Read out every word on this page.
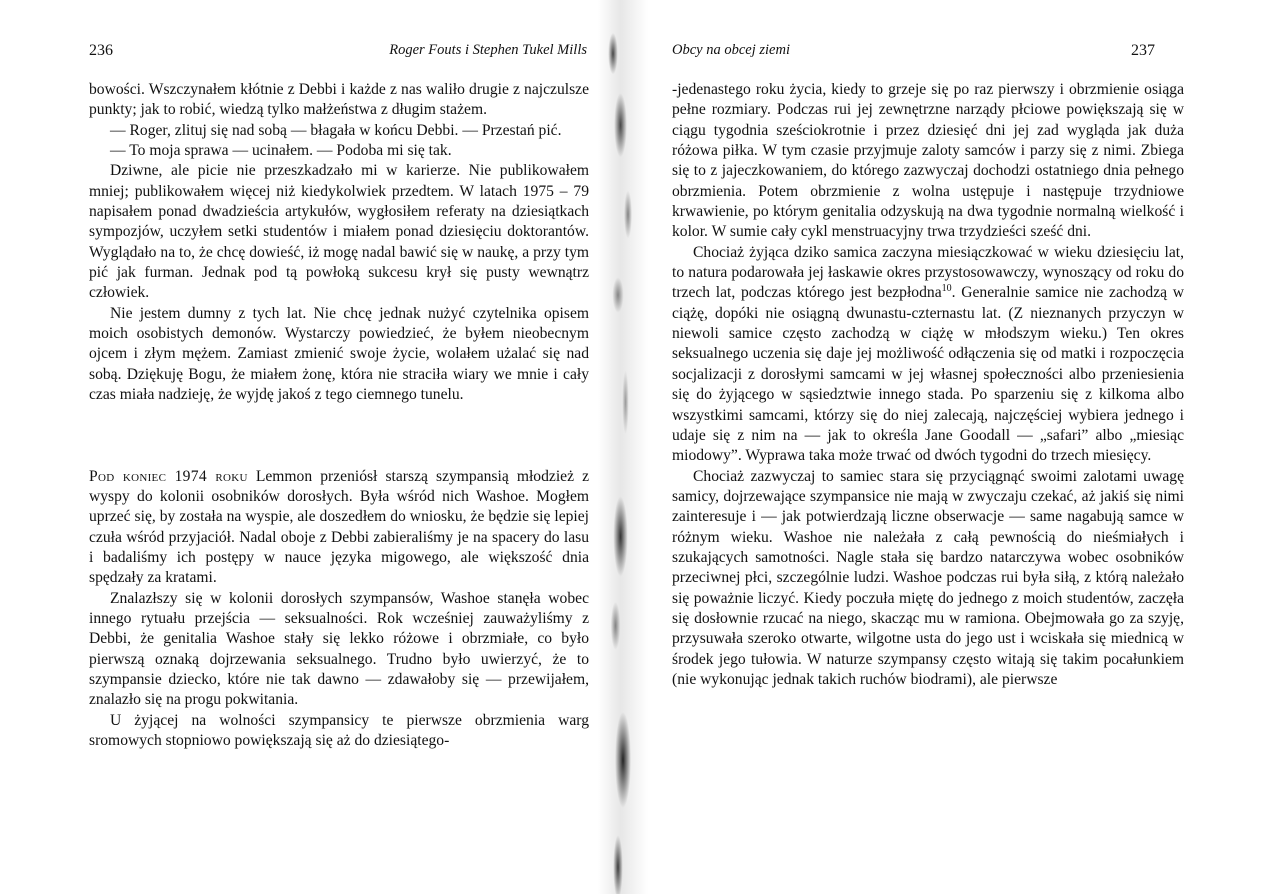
236	Roger Fouts i Stephen Tukel Mills

bowości. Wszczynałem kłótnie z Debbi i każde z nas waliło drugie z najczulsze punkty; jak to robić, wiedzą tylko małżeństwa z długim stażem.

— Roger, zlituj się nad sobą — błagała w końcu Debbi. — Przestań pić.

— To moja sprawa — ucinałem. — Podoba mi się tak.

Dziwne, ale picie nie przeszkadzało mi w karierze. Nie publikowałem mniej; publikowałem więcej niż kiedykolwiek przedtem. W latach 1975 – 79 napisałem ponad dwadzieścia artykułów, wygłosiłem referaty na dziesiątkach sympozjów, uczyłem setki studentów i miałem ponad dziesięciu doktorantów. Wyglądało na to, że chcę dowieść, iż mogę nadal bawić się w naukę, a przy tym pić jak furman. Jednak pod tą powłoką sukcesu krył się pusty wewnątrz człowiek.

Nie jestem dumny z tych lat. Nie chcę jednak nużyć czytelnika opisem moich osobistych demonów. Wystarczy powiedzieć, że byłem nieobecnym ojcem i złym mężem. Zamiast zmienić swoje życie, wolałem użalać się nad sobą. Dziękuję Bogu, że miałem żonę, która nie straciła wiary we mnie i cały czas miała nadzieję, że wyjdę jakoś z tego ciemnego tunelu.

Pod koniec 1974 roku Lemmon przeniósł starszą szympansią młodzież z wyspy do kolonii osobników dorosłych. Była wśród nich Washoe. Mogłem uprzeć się, by została na wyspie, ale doszedłem do wniosku, że będzie się lepiej czuła wśród przyjaciół. Nadal oboje z Debbi zabieraliśmy je na spacery do lasu i badaliśmy ich postępy w nauce języka migowego, ale większość dnia spędzały za kratami.

Znalazłszy się w kolonii dorosłych szympansów, Washoe stanęła wobec innego rytuału przejścia — seksualności. Rok wcześniej zauważyliśmy z Debbi, że genitalia Washoe stały się lekko różowe i obrzmiałe, co było pierwszą oznaką dojrzewania seksualnego. Trudno było uwierzyć, że to szympansie dziecko, które nie tak dawno — zdawałoby się — przewijałem, znalazło się na progu pokwitania.

U żyjącej na wolności szympansicy te pierwsze obrzmienia warg sromowych stopniowo powiększają się aż do dziesiątego-

Obcy na obcej ziemi	237

-jedenastego roku życia, kiedy to grzeje się po raz pierwszy i obrzmienie osiąga pełne rozmiary. Podczas rui jej zewnętrzne narządy płciowe powiększają się w ciągu tygodnia sześciokrotnie i przez dziesięć dni jej zad wygląda jak duża różowa piłka. W tym czasie przyjmuje zaloty samców i parzy się z nimi. Zbiega się to z jajeczkowaniem, do którego zazwyczaj dochodzi ostatniego dnia pełnego obrzmienia. Potem obrzmienie z wolna ustępuje i następuje trzydniowe krwawienie, po którym genitalia odzyskują na dwa tygodnie normalną wielkość i kolor. W sumie cały cykl menstruacyjny trwa trzydzieści sześć dni.

Chociaż żyjąca dziko samica zaczyna miesiączkować w wieku dziesięciu lat, to natura podarowała jej łaskawie okres przystosowawczy, wynoszący od roku do trzech lat, podczas którego jest bezpłodna$^{10}$. Generalnie samice nie zachodzą w ciążę, dopóki nie osiągną dwunastu-czternastu lat. (Z nieznanych przyczyn w niewoli samice często zachodzą w ciążę w młodszym wieku.) Ten okres seksualnego uczenia się daje jej możliwość odłączenia się od matki i rozpoczęcia socjalizacji z dorosłymi samcami w jej własnej społeczności albo przeniesienia się do żyjącego w sąsiedztwie innego stada. Po sparzeniu się z kilkoma albo wszystkimi samcami, którzy się do niej zalecają, najczęściej wybiera jednego i udaje się z nim na — jak to określa Jane Goodall — „safari” albo „miesiąc miodowy”. Wyprawa taka może trwać od dwóch tygodni do trzech miesięcy.

Chociaż zazwyczaj to samiec stara się przyciągnąć swoimi zalotami uwagę samicy, dojrzewające szympansice nie mają w zwyczaju czekać, aż jakiś się nimi zainteresuje i — jak potwierdzają liczne obserwacje — same nagabują samce w różnym wieku. Washoe nie należała z całą pewnością do nieśmiałych i szukających samotności. Nagle stała się bardzo natarczywa wobec osobników przeciwnej płci, szczególnie ludzi. Washoe podczas rui była siłą, z którą należało się poważnie liczyć. Kiedy poczuła miętę do jednego z moich studentów, zaczęła się dosłownie rzucać na niego, skacząc mu w ramiona. Obejmowała go za szyję, przysuwała szeroko otwarte, wilgotne usta do jego ust i wciskała się miednicą w środek jego tułowia. W naturze szympansy często witają się takim pocałunkiem (nie wykonując jednak takich ruchów biodrami), ale pierwsze
